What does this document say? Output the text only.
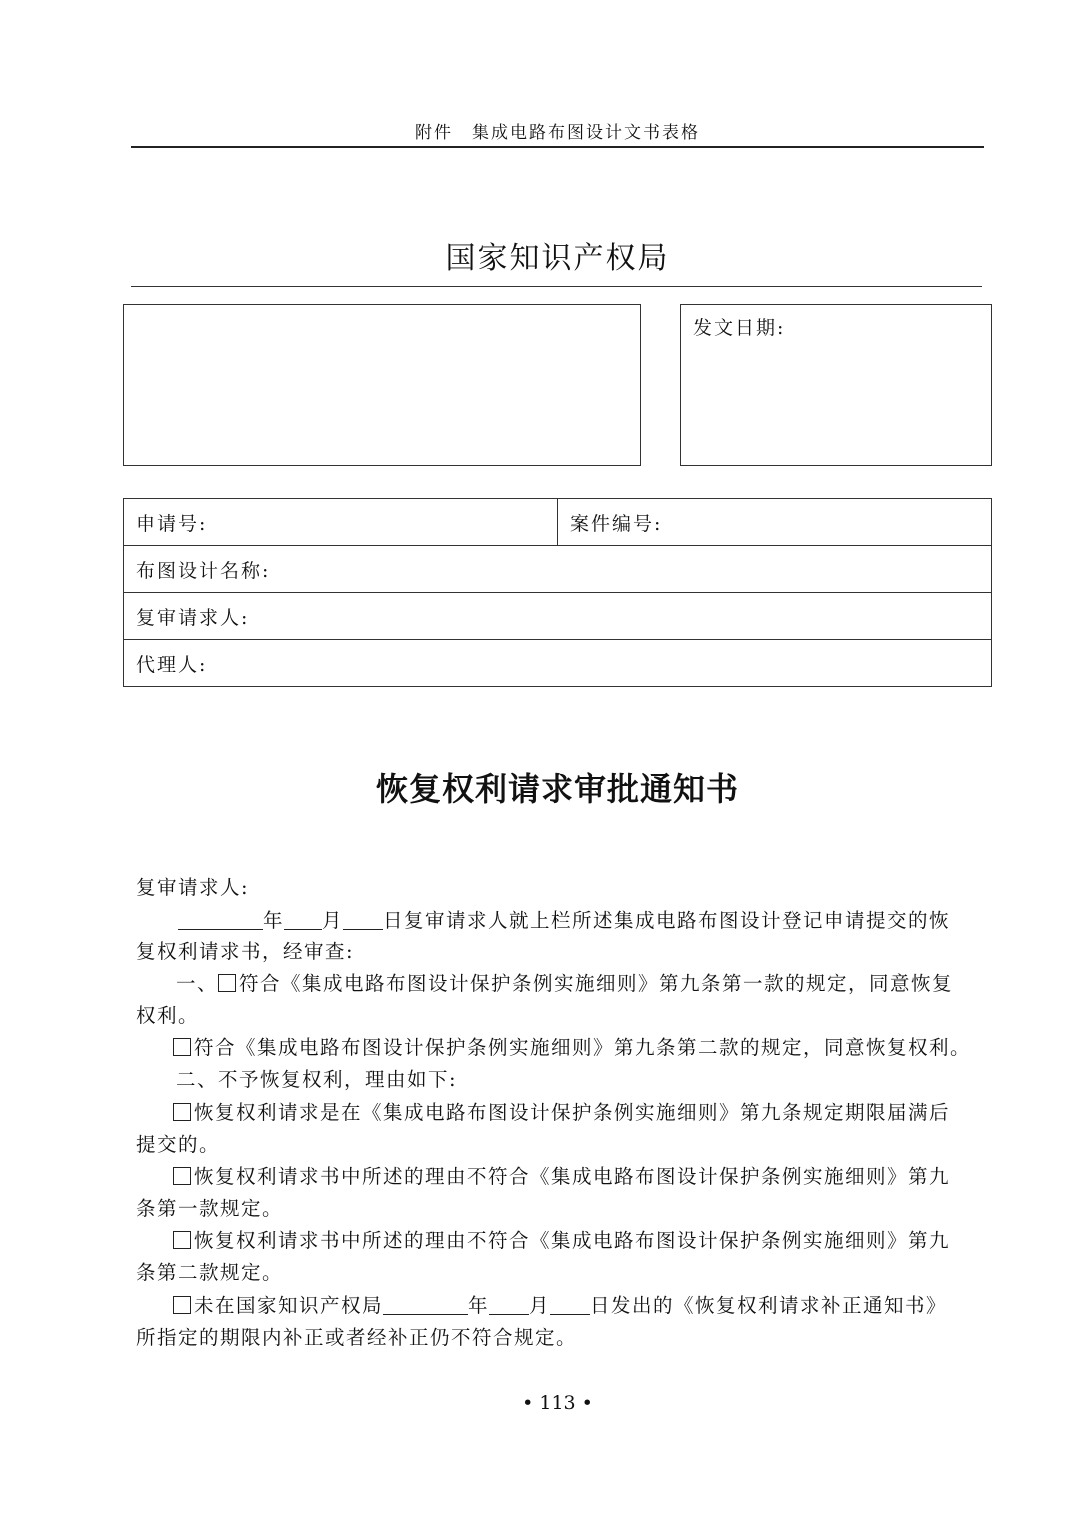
附件　集成电路布图设计文书表格
国家知识产权局
发文日期:
申请号:	案件编号:
布图设计名称:
复审请求人:
代理人:
恢复权利请求审批通知书
复审请求人:
年 月 日复审请求人就上栏所述集成电路布图设计登记申请提交的恢
复权利请求书，经审查:
一、 符合《集成电路布图设计保护条例实施细则》第九条第一款的规定，同意恢复
权利。
符合《集成电路布图设计保护条例实施细则》第九条第二款的规定，同意恢复权利。
二、不予恢复权利，理由如下:
恢复权利请求是在《集成电路布图设计保护条例实施细则》第九条规定期限届满后
提交的。
恢复权利请求书中所述的理由不符合《集成电路布图设计保护条例实施细则》第九
条第一款规定。
恢复权利请求书中所述的理由不符合《集成电路布图设计保护条例实施细则》第九
条第二款规定。
未在国家知识产权局	年 月 日发出的《恢复权利请求补正通知书》
所指定的期限内补正或者经补正仍不符合规定。
• 113 •
